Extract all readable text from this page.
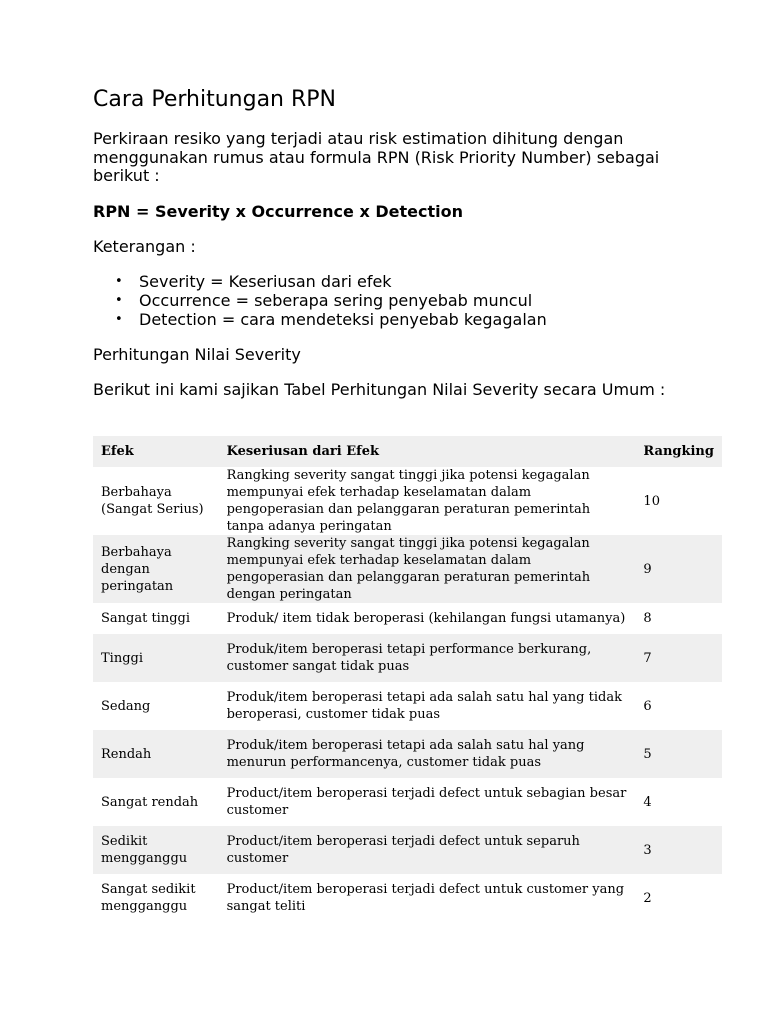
Cara Perhitungan RPN

Perkiraan resiko yang terjadi atau risk estimation dihitung dengan menggunakan rumus atau formula RPN (Risk Priority Number) sebagai berikut :

RPN = Severity x Occurrence x Detection

Keterangan :

• Severity = Keseriusan dari efek
• Occurrence = seberapa sering penyebab muncul
• Detection = cara mendeteksi penyebab kegagalan

Perhitungan Nilai Severity

Berikut ini kami sajikan Tabel Perhitungan Nilai Severity secara Umum :

Efek	Keseriusan dari Efek	Rangking
Berbahaya (Sangat Serius)	Rangking severity sangat tinggi jika potensi kegagalan mempunyai efek terhadap keselamatan dalam pengoperasian dan pelanggaran peraturan pemerintah tanpa adanya peringatan	10
Berbahaya dengan peringatan	Rangking severity sangat tinggi jika potensi kegagalan mempunyai efek terhadap keselamatan dalam pengoperasian dan pelanggaran peraturan pemerintah dengan peringatan	9
Sangat tinggi	Produk/ item tidak beroperasi (kehilangan fungsi utamanya)	8
Tinggi	Produk/item beroperasi tetapi performance berkurang, customer sangat tidak puas	7
Sedang	Produk/item beroperasi tetapi ada salah satu hal yang tidak beroperasi, customer tidak puas	6
Rendah	Produk/item beroperasi tetapi ada salah satu hal yang menurun performancenya, customer tidak puas	5
Sangat rendah	Product/item beroperasi terjadi defect untuk sebagian besar customer	4
Sedikit mengganggu	Product/item beroperasi terjadi defect untuk separuh customer	3
Sangat sedikit mengganggu	Product/item beroperasi terjadi defect untuk customer yang sangat teliti	2
